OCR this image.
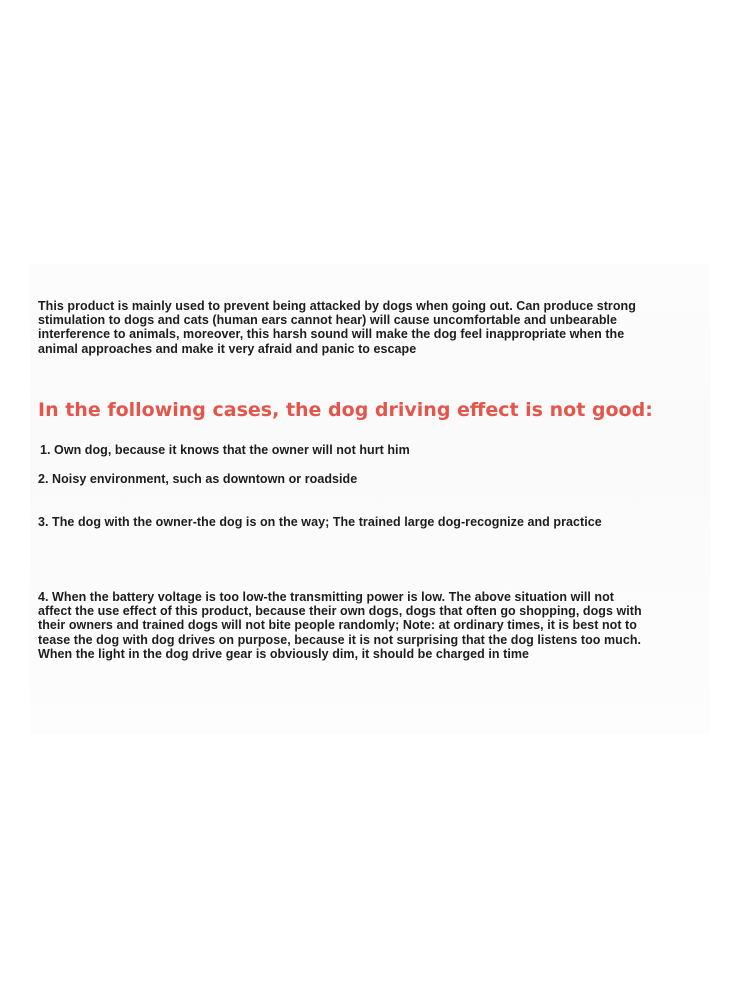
This product is mainly used to prevent being attacked by dogs when going out. Can produce strong stimulation to dogs and cats (human ears cannot hear) will cause uncomfortable and unbearable interference to animals, moreover, this harsh sound will make the dog feel inappropriate when the animal approaches and make it very afraid and panic to escape

In the following cases, the dog driving effect is not good:

1. Own dog, because it knows that the owner will not hurt him

2. Noisy environment, such as downtown or roadside

3. The dog with the owner-the dog is on the way; The trained large dog-recognize and practice

4. When the battery voltage is too low-the transmitting power is low. The above situation will not affect the use effect of this product, because their own dogs, dogs that often go shopping, dogs with their owners and trained dogs will not bite people randomly; Note: at ordinary times, it is best not to tease the dog with dog drives on purpose, because it is not surprising that the dog listens too much. When the light in the dog drive gear is obviously dim, it should be charged in time
